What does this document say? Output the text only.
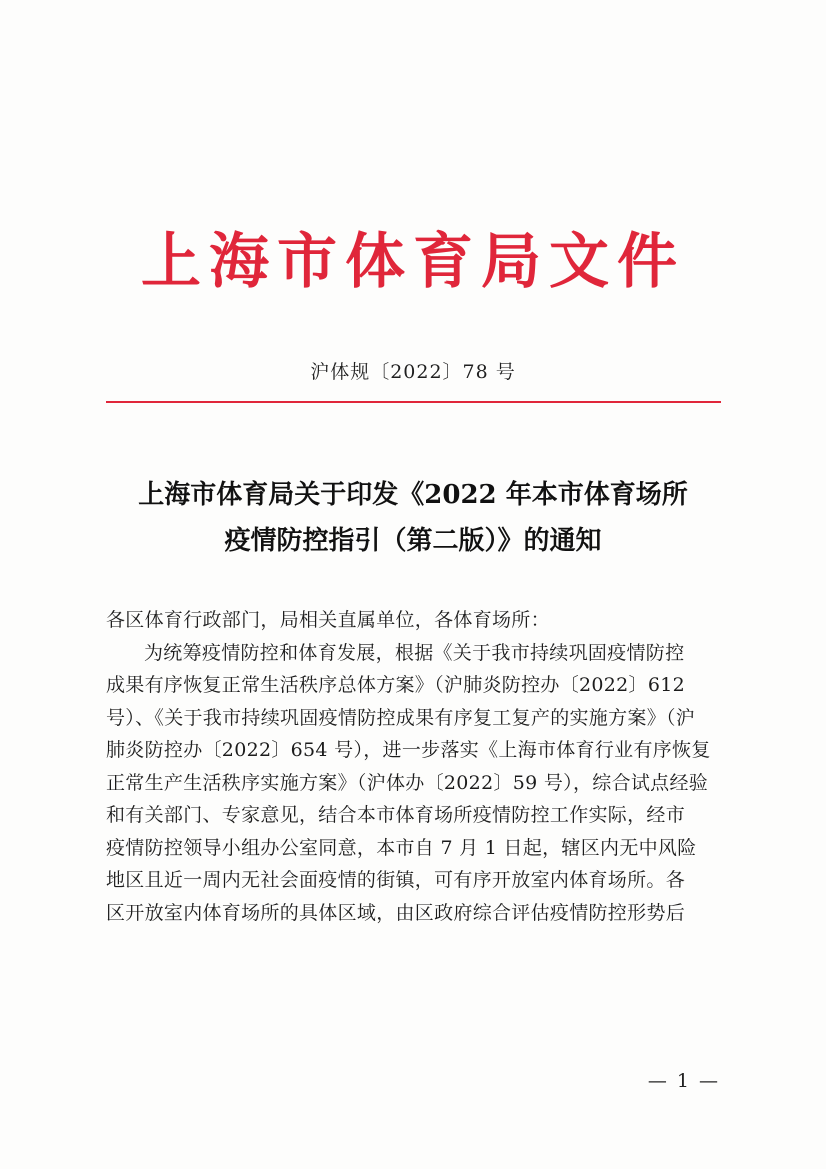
上海市体育局文件
沪体规〔2022〕78 号
上海市体育局关于印发《2022 年本市体育场所
疫情防控指引（第二版）》的通知
各区体育行政部门，局相关直属单位，各体育场所：
为统筹疫情防控和体育发展，根据《关于我市持续巩固疫情防控
成果有序恢复正常生活秩序总体方案》（沪肺炎防控办〔2022〕612
号）、《关于我市持续巩固疫情防控成果有序复工复产的实施方案》（沪
肺炎防控办〔2022〕654 号），进一步落实《上海市体育行业有序恢复
正常生产生活秩序实施方案》（沪体办〔2022〕59 号），综合试点经验
和有关部门、专家意见，结合本市体育场所疫情防控工作实际，经市
疫情防控领导小组办公室同意，本市自 7 月 1 日起，辖区内无中风险
地区且近一周内无社会面疫情的街镇，可有序开放室内体育场所。各
区开放室内体育场所的具体区域，由区政府综合评估疫情防控形势后
— 1 —
